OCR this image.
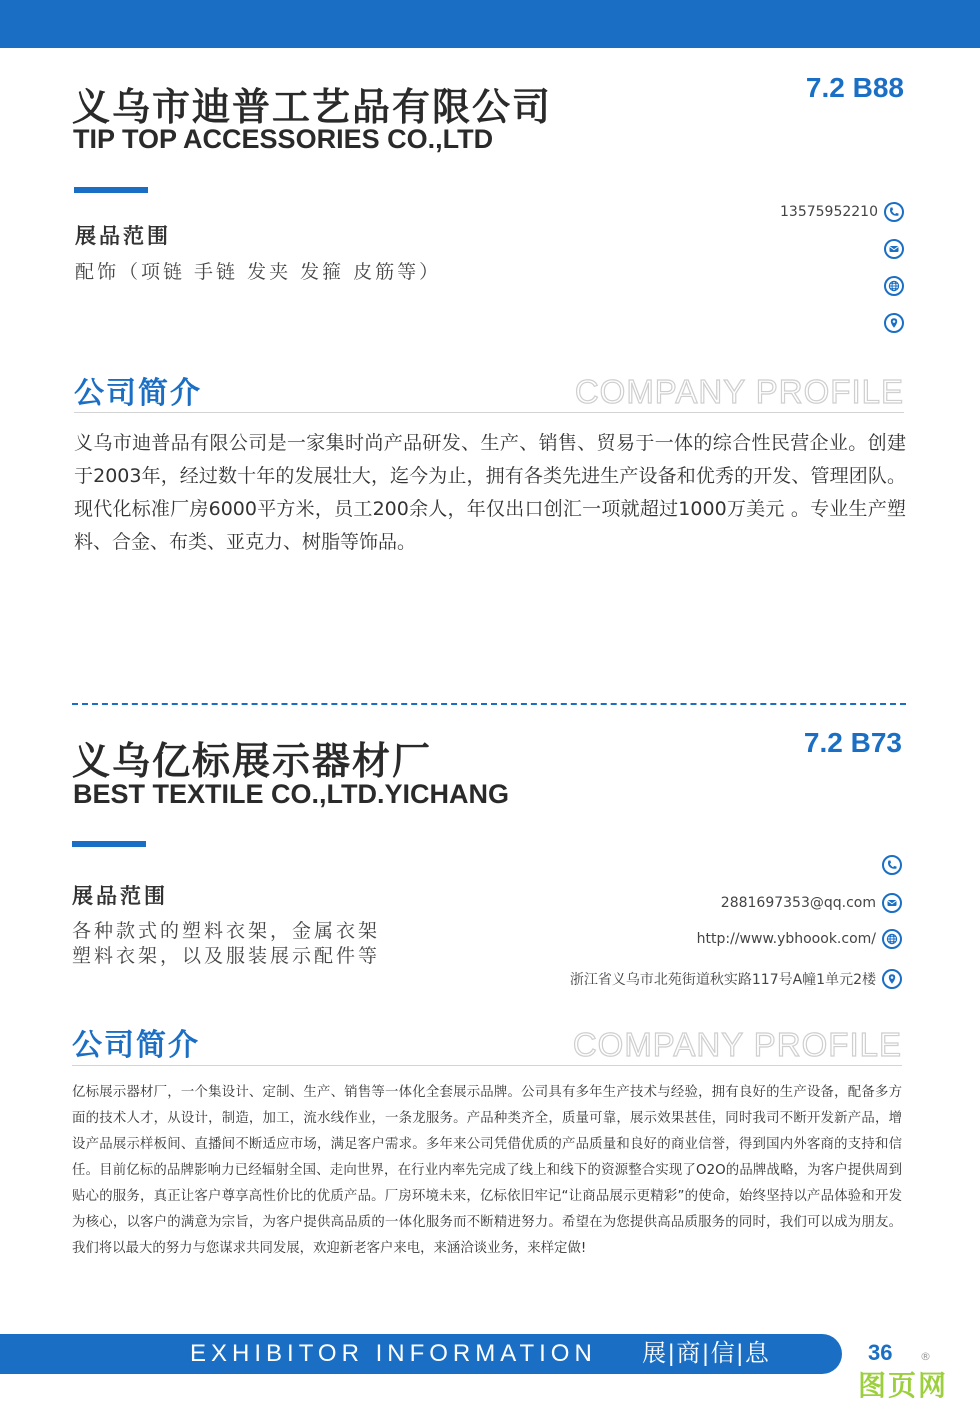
义乌市迪普工艺品有限公司
TIP TOP ACCESSORIES CO.,LTD
7.2 B88
展品范围
配饰（项链 手链 发夹 发箍 皮筋等）
13575952210
公司简介	COMPANY PROFILE
义乌市迪普品有限公司是一家集时尚产品研发、生产、销售、贸易于一体的综合性民营企业。创建于2003年，经过数十年的发展壮大，迄今为止，拥有各类先进生产设备和优秀的开发、管理团队。现代化标准厂房6000平方米，员工200余人，年仅出口创汇一项就超过1000万美元 。专业生产塑料、合金、布类、亚克力、树脂等饰品。
义乌亿标展示器材厂
BEST TEXTILE CO.,LTD.YICHANG
7.2 B73
展品范围
各种款式的塑料衣架，金属衣架
塑料衣架，以及服装展示配件等
2881697353@qq.com
http://www.ybhoook.com/
浙江省义乌市北苑街道秋实路117号A幢1单元2楼
公司简介	COMPANY PROFILE
亿标展示器材厂，一个集设计、定制、生产、销售等一体化全套展示品牌。公司具有多年生产技术与经验，拥有良好的生产设备，配备多方面的技术人才，从设计，制造，加工，流水线作业，一条龙服务。产品种类齐全，质量可靠，展示效果甚佳，同时我司不断开发新产品，增设产品展示样板间、直播间不断适应市场，满足客户需求。多年来公司凭借优质的产品质量和良好的商业信誉，得到国内外客商的支持和信任。目前亿标的品牌影响力已经辐射全国、走向世界，在行业内率先完成了线上和线下的资源整合实现了O2O的品牌战略，为客户提供周到贴心的服务，真正让客户尊享高性价比的优质产品。厂房环境未来，亿标依旧牢记“让商品展示更精彩”的使命，始终坚持以产品体验和开发为核心，以客户的满意为宗旨，为客户提供高品质的一体化服务而不断精进努力。希望在为您提供高品质服务的同时，我们可以成为朋友。我们将以最大的努力与您谋求共同发展，欢迎新老客户来电，来涵洽谈业务，来样定做!
EXHIBITOR INFORMATION 展|商|信|息	36	®
图页网
